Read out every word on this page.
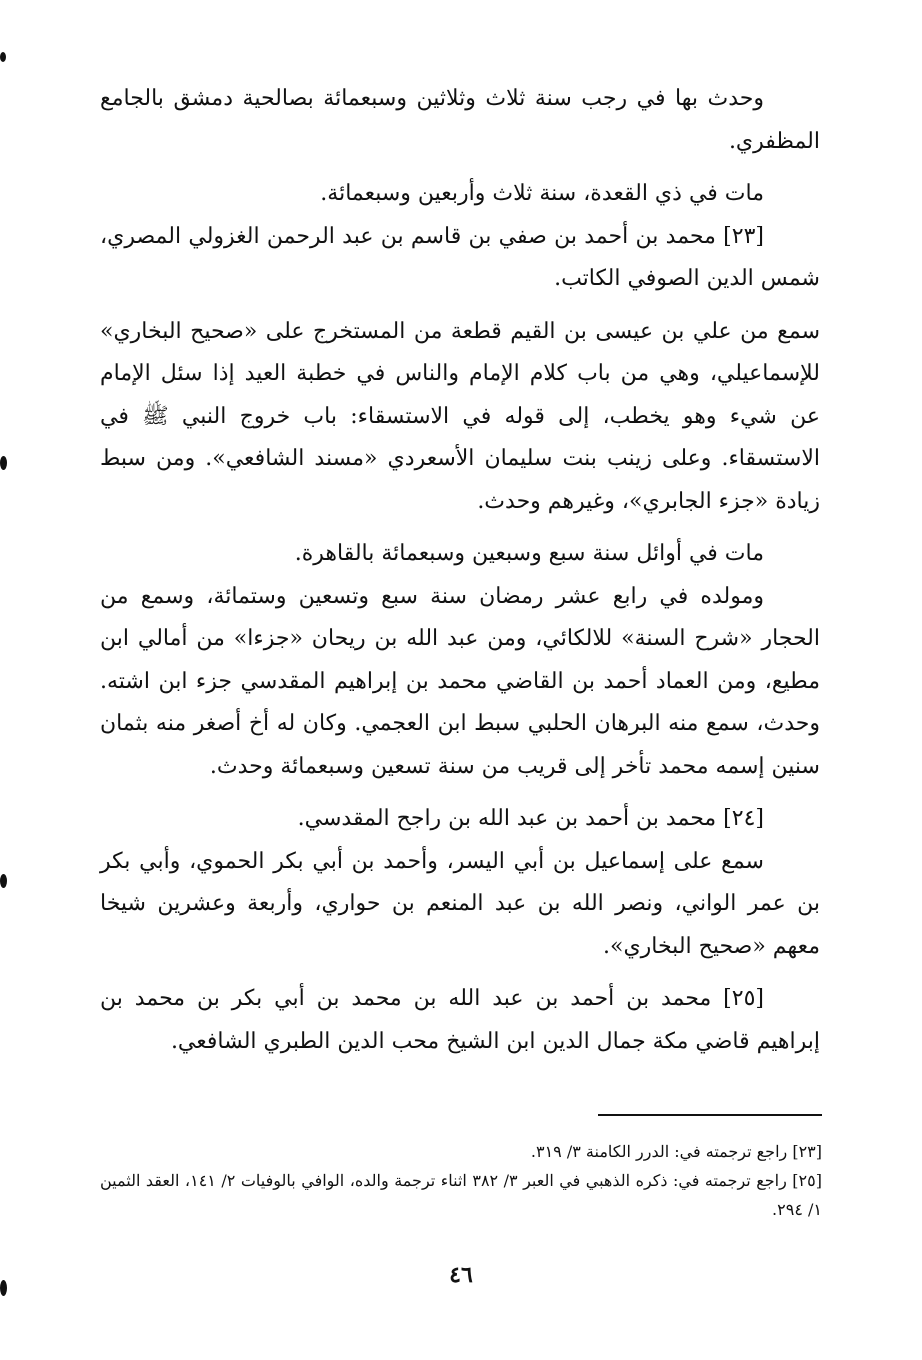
وحدث بها في رجب سنة ثلاث وثلاثين وسبعمائة بصالحية دمشق بالجامع المظفري.

مات في ذي القعدة، سنة ثلاث وأربعين وسبعمائة.

[٢٣] محمد بن أحمد بن صفي بن قاسم بن عبد الرحمن الغزولي المصري، شمس الدين الصوفي الكاتب.

سمع من علي بن عيسى بن القيم قطعة من المستخرج على «صحيح البخاري» للإسماعيلي، وهي من باب كلام الإمام والناس في خطبة العيد إذا سئل الإمام عن شيء وهو يخطب، إلى قوله في الاستسقاء: باب خروج النبي ﷺ في الاستسقاء. وعلى زينب بنت سليمان الأسعردي «مسند الشافعي». ومن سبط زيادة «جزء الجابري»، وغيرهم وحدث.

مات في أوائل سنة سبع وسبعين وسبعمائة بالقاهرة.

ومولده في رابع عشر رمضان سنة سبع وتسعين وستمائة، وسمع من الحجار «شرح السنة» للالكائي، ومن عبد الله بن ريحان «جزءا» من أمالي ابن مطيع، ومن العماد أحمد بن القاضي محمد بن إبراهيم المقدسي جزء ابن اشته. وحدث، سمع منه البرهان الحلبي سبط ابن العجمي. وكان له أخ أصغر منه بثمان سنين إسمه محمد تأخر إلى قريب من سنة تسعين وسبعمائة وحدث.

[٢٤] محمد بن أحمد بن عبد الله بن راجح المقدسي.

سمع على إسماعيل بن أبي اليسر، وأحمد بن أبي بكر الحموي، وأبي بكر بن عمر الواني، ونصر الله بن عبد المنعم بن حواري، وأربعة وعشرين شيخا معهم «صحيح البخاري».

[٢٥] محمد بن أحمد بن عبد الله بن محمد بن أبي بكر بن محمد بن إبراهيم قاضي مكة جمال الدين ابن الشيخ محب الدين الطبري الشافعي.

[٢٣] راجع ترجمته في: الدرر الكامنة ٣/ ٣١٩.

[٢٥] راجع ترجمته في: ذكره الذهبي في العبر ٣/ ٣٨٢ اثناء ترجمة والده، الوافي بالوفيات ٢/ ١٤١، العقد الثمين ١/ ٢٩٤.

٤٦
